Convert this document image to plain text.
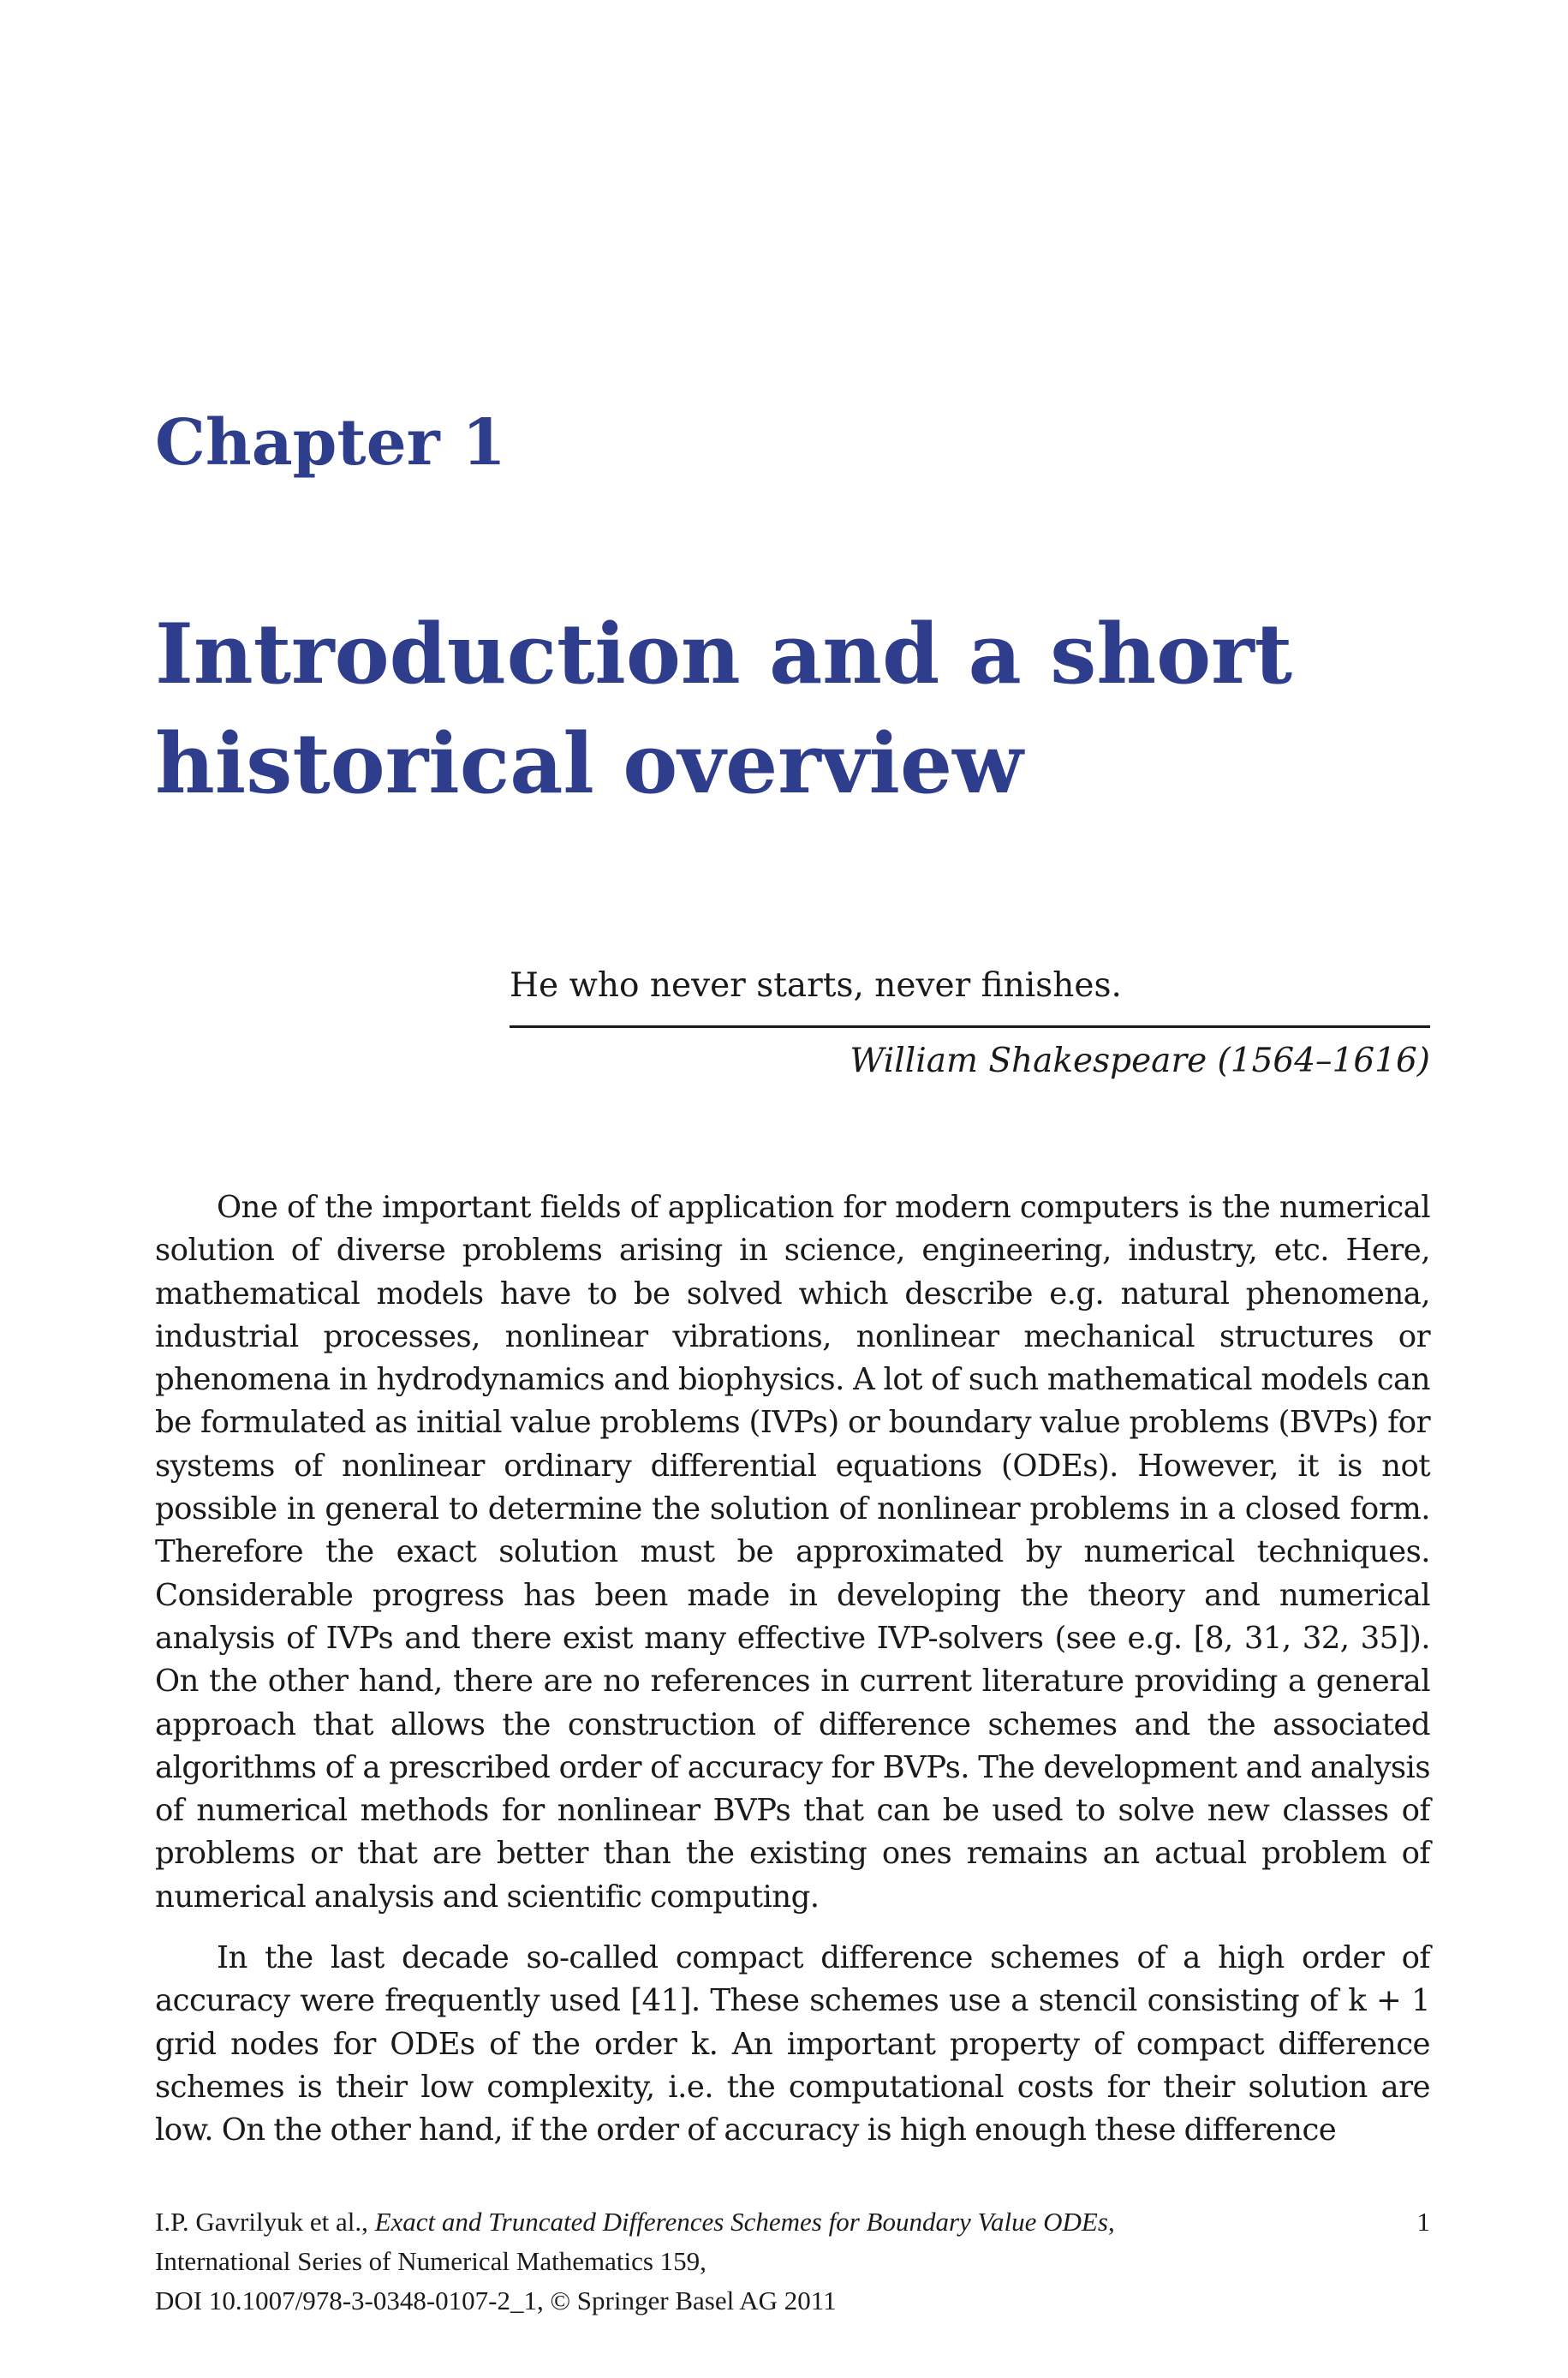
Chapter 1
Introduction and a short historical overview

He who never starts, never finishes.

William Shakespeare (1564–1616)

One of the important fields of application for modern computers is the numerical solution of diverse problems arising in science, engineering, industry, etc. Here, mathematical models have to be solved which describe e.g. natural phenomena, industrial processes, nonlinear vibrations, nonlinear mechanical structures or phenomena in hydrodynamics and biophysics. A lot of such mathematical models can be formulated as initial value problems (IVPs) or boundary value problems (BVPs) for systems of nonlinear ordinary differential equations (ODEs). However, it is not possible in general to determine the solution of nonlinear problems in a closed form. Therefore the exact solution must be approximated by numerical techniques. Considerable progress has been made in developing the theory and numerical analysis of IVPs and there exist many effective IVP-solvers (see e.g. [8, 31, 32, 35]). On the other hand, there are no references in current literature providing a general approach that allows the construction of difference schemes and the associated algorithms of a prescribed order of accuracy for BVPs. The development and analysis of numerical methods for nonlinear BVPs that can be used to solve new classes of problems or that are better than the existing ones remains an actual problem of numerical analysis and scientific computing.

In the last decade so-called compact difference schemes of a high order of accuracy were frequently used [41]. These schemes use a stencil consisting of k + 1 grid nodes for ODEs of the order k. An important property of compact difference schemes is their low complexity, i.e. the computational costs for their solution are low. On the other hand, if the order of accuracy is high enough these difference

I.P. Gavrilyuk et al., Exact and Truncated Differences Schemes for Boundary Value ODEs,	1

International Series of Numerical Mathematics 159,

DOI 10.1007/978-3-0348-0107-2_1, © Springer Basel AG 2011
